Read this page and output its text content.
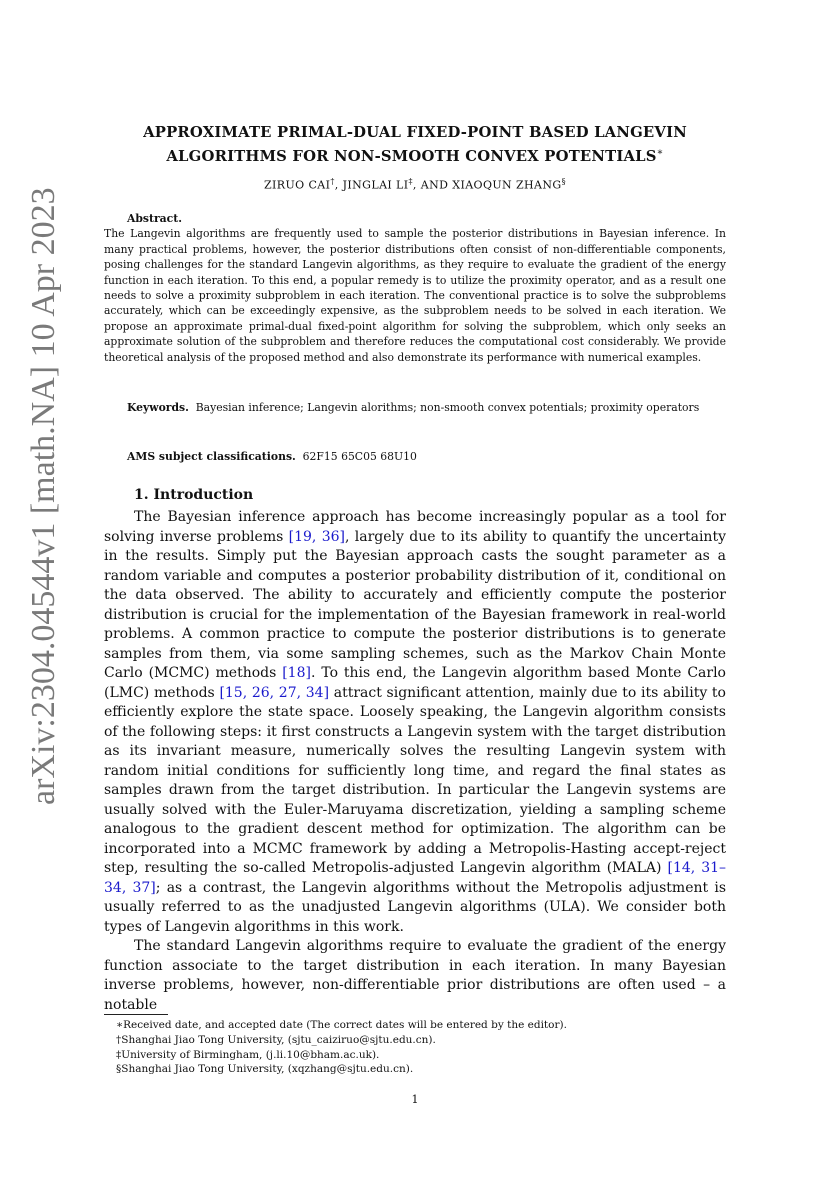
arXiv:2304.04544v1 [math.NA] 10 Apr 2023
APPROXIMATE PRIMAL-DUAL FIXED-POINT BASED LANGEVIN
ALGORITHMS FOR NON-SMOOTH CONVEX POTENTIALS∗
ZIRUO CAI†, JINGLAI LI‡, AND XIAOQUN ZHANG§
Abstract.

The Langevin algorithms are frequently used to sample the posterior distributions in Bayesian inference. In many practical problems, however, the posterior distributions often consist of non-differentiable components, posing challenges for the standard Langevin algorithms, as they require to evaluate the gradient of the energy function in each iteration. To this end, a popular remedy is to utilize the proximity operator, and as a result one needs to solve a proximity subproblem in each iteration. The conventional practice is to solve the subproblems accurately, which can be exceedingly expensive, as the subproblem needs to be solved in each iteration. We propose an approximate primal-dual fixed-point algorithm for solving the subproblem, which only seeks an approximate solution of the subproblem and therefore reduces the computational cost considerably. We provide theoretical analysis of the proposed method and also demonstrate its performance with numerical examples.

Keywords. Bayesian inference; Langevin alorithms; non-smooth convex potentials; proximity operators
AMS subject classifications. 62F15 65C05 68U10
1. Introduction

The Bayesian inference approach has become increasingly popular as a tool for solving inverse problems [19, 36], largely due to its ability to quantify the uncertainty in the results. Simply put the Bayesian approach casts the sought parameter as a random variable and computes a posterior probability distribution of it, conditional on the data observed. The ability to accurately and efficiently compute the posterior distribution is crucial for the implementation of the Bayesian framework in real-world problems. A common practice to compute the posterior distributions is to generate samples from them, via some sampling schemes, such as the Markov Chain Monte Carlo (MCMC) methods [18]. To this end, the Langevin algorithm based Monte Carlo (LMC) methods [15, 26, 27, 34] attract significant attention, mainly due to its ability to efficiently explore the state space. Loosely speaking, the Langevin algorithm consists of the following steps: it first constructs a Langevin system with the target distribution as its invariant measure, numerically solves the resulting Langevin system with random initial conditions for sufficiently long time, and regard the final states as samples drawn from the target distribution. In particular the Langevin systems are usually solved with the Euler-Maruyama discretization, yielding a sampling scheme analogous to the gradient descent method for optimization. The algorithm can be incorporated into a MCMC framework by adding a Metropolis-Hasting accept-reject step, resulting the so-called Metropolis-adjusted Langevin algorithm (MALA) [14, 31–34, 37]; as a contrast, the Langevin algorithms without the Metropolis adjustment is usually referred to as the unadjusted Langevin algorithms (ULA). We consider both types of Langevin algorithms in this work.

The standard Langevin algorithms require to evaluate the gradient of the energy function associate to the target distribution in each iteration. In many Bayesian inverse problems, however, non-differentiable prior distributions are often used – a notable

∗Received date, and accepted date (The correct dates will be entered by the editor).
†Shanghai Jiao Tong University, (sjtu_caiziruo@sjtu.edu.cn).
‡University of Birmingham, (j.li.10@bham.ac.uk).
§Shanghai Jiao Tong University, (xqzhang@sjtu.edu.cn).
1
